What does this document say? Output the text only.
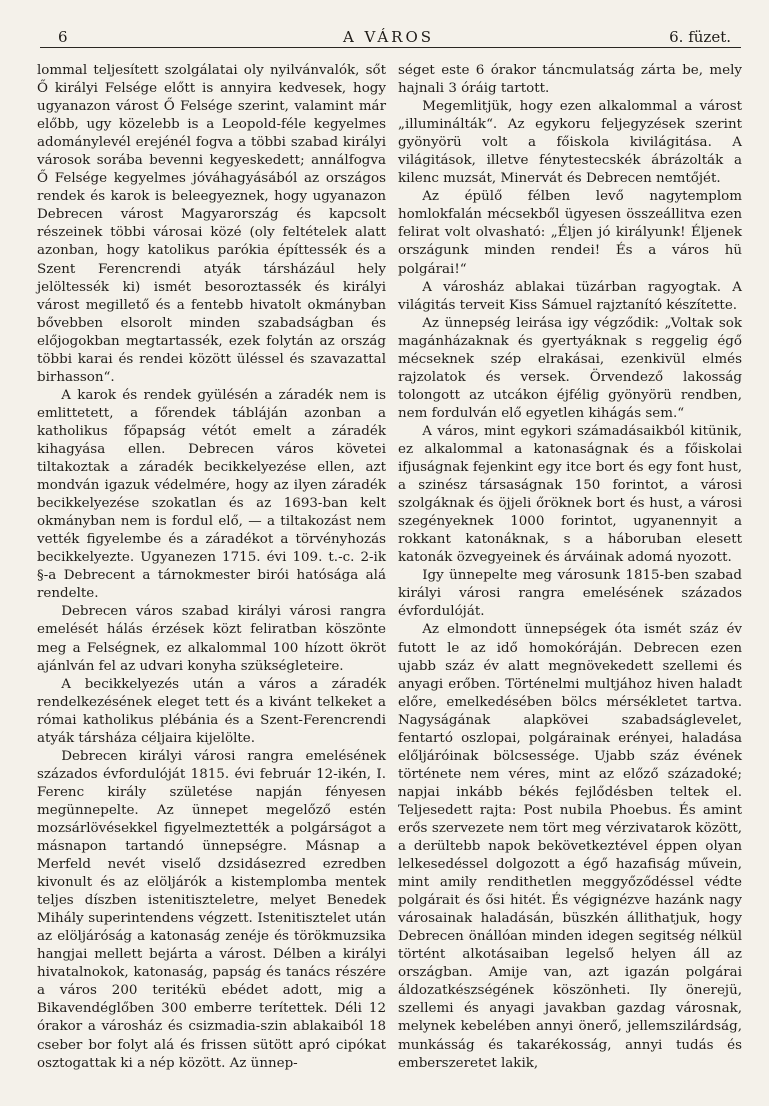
6	A VÁROS	6. füzet.

lommal teljesített szolgálatai oly nyilvánvalók, sőt Ő királyi Felsége előtt is annyira kedvesek, hogy ugyanazon várost Ő Felsége szerint, valamint már előbb, ugy közelebb is a Leopold-féle kegyelmes adománylevél erejénél fogva a többi szabad királyi városok sorába bevenni kegyeskedett; annálfogva Ő Felsége kegyelmes jóváhagyásából az országos rendek és karok is beleegyeznek, hogy ugyanazon Debrecen várost Magyarország és kapcsolt részeinek többi városai közé (oly feltételek alatt azonban, hogy katolikus parókia építtessék és a Szent Ferencrendi atyák társházául hely jelöltessék ki) ismét besoroztassék és királyi várost megillető és a fentebb hivatolt okmányban bővebben elsorolt minden szabadságban és előjogokban megtartassék, ezek folytán az ország többi karai és rendei között üléssel és szavazattal birhasson“.

A karok és rendek gyülésén a záradék nem is emlittetett, a főrendek tábláján azonban a katholikus főpapság vétót emelt a záradék kihagyása ellen. Debrecen város követei tiltakoztak a záradék becikkelyezése ellen, azt mondván igazuk védelmére, hogy az ilyen záradék becikkelyezése szokatlan és az 1693-ban kelt okmányban nem is fordul elő, — a tiltakozást nem vették figyelembe és a záradékot a törvényhozás becikkelyezte. Ugyanezen 1715. évi 109. t.-c. 2-ik §-a Debrecent a tárnokmester birói hatósága alá rendelte.

Debrecen város szabad királyi városi rangra emelését hálás érzések közt feliratban köszönte meg a Felségnek, ez alkalommal 100 hízott ökröt ajánlván fel az udvari konyha szükségleteire.

A becikkelyezés után a város a záradék rendelkezésének eleget tett és a kivánt telkeket a római katholikus plébánia és a Szent-Ferencrendi atyák társháza céljaira kijelölte.

Debrecen királyi városi rangra emelésének százados évfordulóját 1815. évi február 12-ikén, I. Ferenc király születése napján fényesen megünnepelte. Az ünnepet megelőző estén mozsárlövésekkel figyelmeztették a polgárságot a másnapon tartandó ünnepségre. Másnap a Merfeld nevét viselő dzsidásezred ezredben kivonult és az elöljárók a kistemplomba mentek teljes díszben istenitiszteletre, melyet Benedek Mihály superintendens végzett. Istenitisztelet után az elöljáróság a katonaság zenéje és törökmuzsika hangjai mellett bejárta a várost. Délben a királyi hivatalnokok, katonaság, papság és tanács részére a város 200 teritékü ebédet adott, mig a Bikavendéglőben 300 emberre terítettek. Déli 12 órakor a városház és csizmadia-szin ablakaiból 18 cseber bor folyt alá és frissen sütött apró cipókat osztogattak ki a nép között. Az ünnep-

séget este 6 órakor táncmulatság zárta be, mely hajnali 3 óráig tartott.

Megemlitjük, hogy ezen alkalommal a várost „illuminálták“. Az egykoru feljegyzések szerint gyönyörü volt a főiskola kivilágitása. A világitások, illetve fénytestecskék ábrázolták a kilenc muzsát, Minervát és Debrecen nemtőjét.

Az épülő félben levő nagytemplom homlokfalán mécsekből ügyesen összeállitva ezen felirat volt olvasható: „Éljen jó királyunk! Éljenek országunk minden rendei! És a város hü polgárai!“

A városház ablakai tüzárban ragyogtak. A világitás terveit Kiss Sámuel rajztanító készítette.

Az ünnepség leirása igy végződik: „Voltak sok magánházaknak és gyertyáknak s reggelig égő mécseknek szép elrakásai, ezenkivül elmés rajzolatok és versek. Örvendező lakosság tolongott az utcákon éjfélig gyönyörü rendben, nem fordulván elő egyetlen kihágás sem.“

A város, mint egykori számadásaikból kitünik, ez alkalommal a katonaságnak és a főiskolai ifjuságnak fejenkint egy itce bort és egy font hust, a szinész társaságnak 150 forintot, a városi szolgáknak és öjjeli őröknek bort és hust, a városi szegényeknek 1000 forintot, ugyanennyit a rokkant katonáknak, s a háboruban elesett katonák özvegyeinek és árváinak adomá nyozott.

Igy ünnepelte meg városunk 1815-ben szabad királyi városi rangra emelésének százados évfordulóját.

Az elmondott ünnepségek óta ismét száz év futott le az idő homokóráján. Debrecen ezen ujabb száz év alatt megnövekedett szellemi és anyagi erőben. Történelmi multjához hiven haladt előre, emelkedésében bölcs mérsékletet tartva. Nagyságának alapkövei szabadságlevelet, fentartó oszlopai, polgárainak erényei, haladása előljáróinak bölcsessége. Ujabb száz évének története nem véres, mint az előző századoké; napjai inkább békés fejlődésben teltek el. Teljesedett rajta: Post nubila Phoebus. És amint erős szervezete nem tört meg vérzivatarok között, a derültebb napok bekövetkeztével éppen olyan lelkesedéssel dolgozott a égő hazafiság művein, mint amily rendithetlen meggyőződéssel védte polgárait és ősi hitét. És végignézve hazánk nagy városainak haladásán, büszkén állithatjuk, hogy Debrecen önállóan minden idegen segitség nélkül történt alkotásaiban legelső helyen áll az országban. Amije van, azt igazán polgárai áldozatkészségének köszönheti. Ily önerejü, szellemi és anyagi javakban gazdag városnak, melynek kebelében annyi önerő, jellemszilárdság, munkásság és takarékosság, annyi tudás és emberszeretet lakik,
